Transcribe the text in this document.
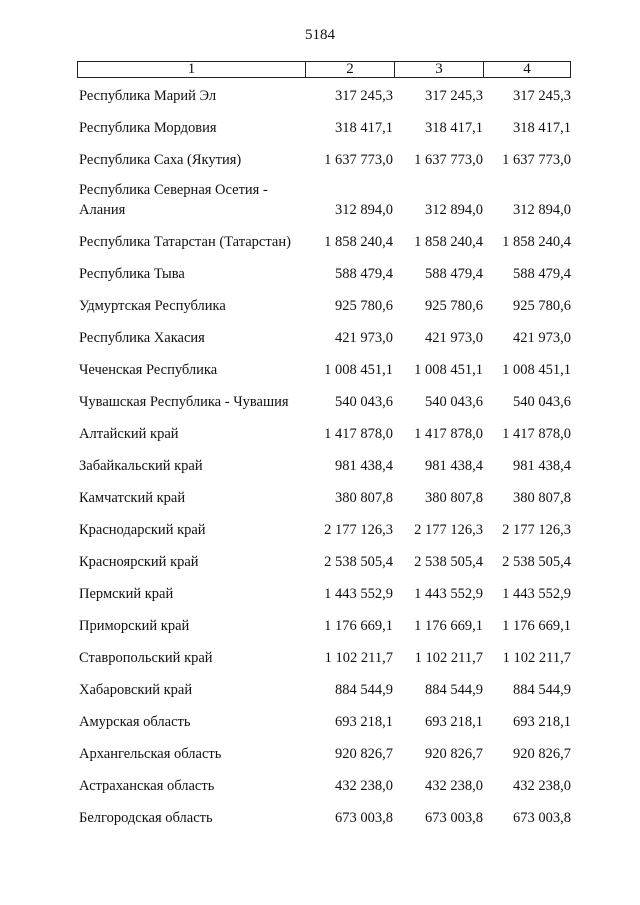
5184
1	2	3	4
Республика Марий Эл	317 245,3	317 245,3	317 245,3
Республика Мордовия	318 417,1	318 417,1	318 417,1
Республика Саха (Якутия)	1 637 773,0	1 637 773,0	1 637 773,0
Республика Северная Осетия - Алания	312 894,0	312 894,0	312 894,0
Республика Татарстан (Татарстан)	1 858 240,4	1 858 240,4	1 858 240,4
Республика Тыва	588 479,4	588 479,4	588 479,4
Удмуртская Республика	925 780,6	925 780,6	925 780,6
Республика Хакасия	421 973,0	421 973,0	421 973,0
Чеченская Республика	1 008 451,1	1 008 451,1	1 008 451,1
Чувашская Республика - Чувашия	540 043,6	540 043,6	540 043,6
Алтайский край	1 417 878,0	1 417 878,0	1 417 878,0
Забайкальский край	981 438,4	981 438,4	981 438,4
Камчатский край	380 807,8	380 807,8	380 807,8
Краснодарский край	2 177 126,3	2 177 126,3	2 177 126,3
Красноярский край	2 538 505,4	2 538 505,4	2 538 505,4
Пермский край	1 443 552,9	1 443 552,9	1 443 552,9
Приморский край	1 176 669,1	1 176 669,1	1 176 669,1
Ставропольский край	1 102 211,7	1 102 211,7	1 102 211,7
Хабаровский край	884 544,9	884 544,9	884 544,9
Амурская область	693 218,1	693 218,1	693 218,1
Архангельская область	920 826,7	920 826,7	920 826,7
Астраханская область	432 238,0	432 238,0	432 238,0
Белгородская область	673 003,8	673 003,8	673 003,8
